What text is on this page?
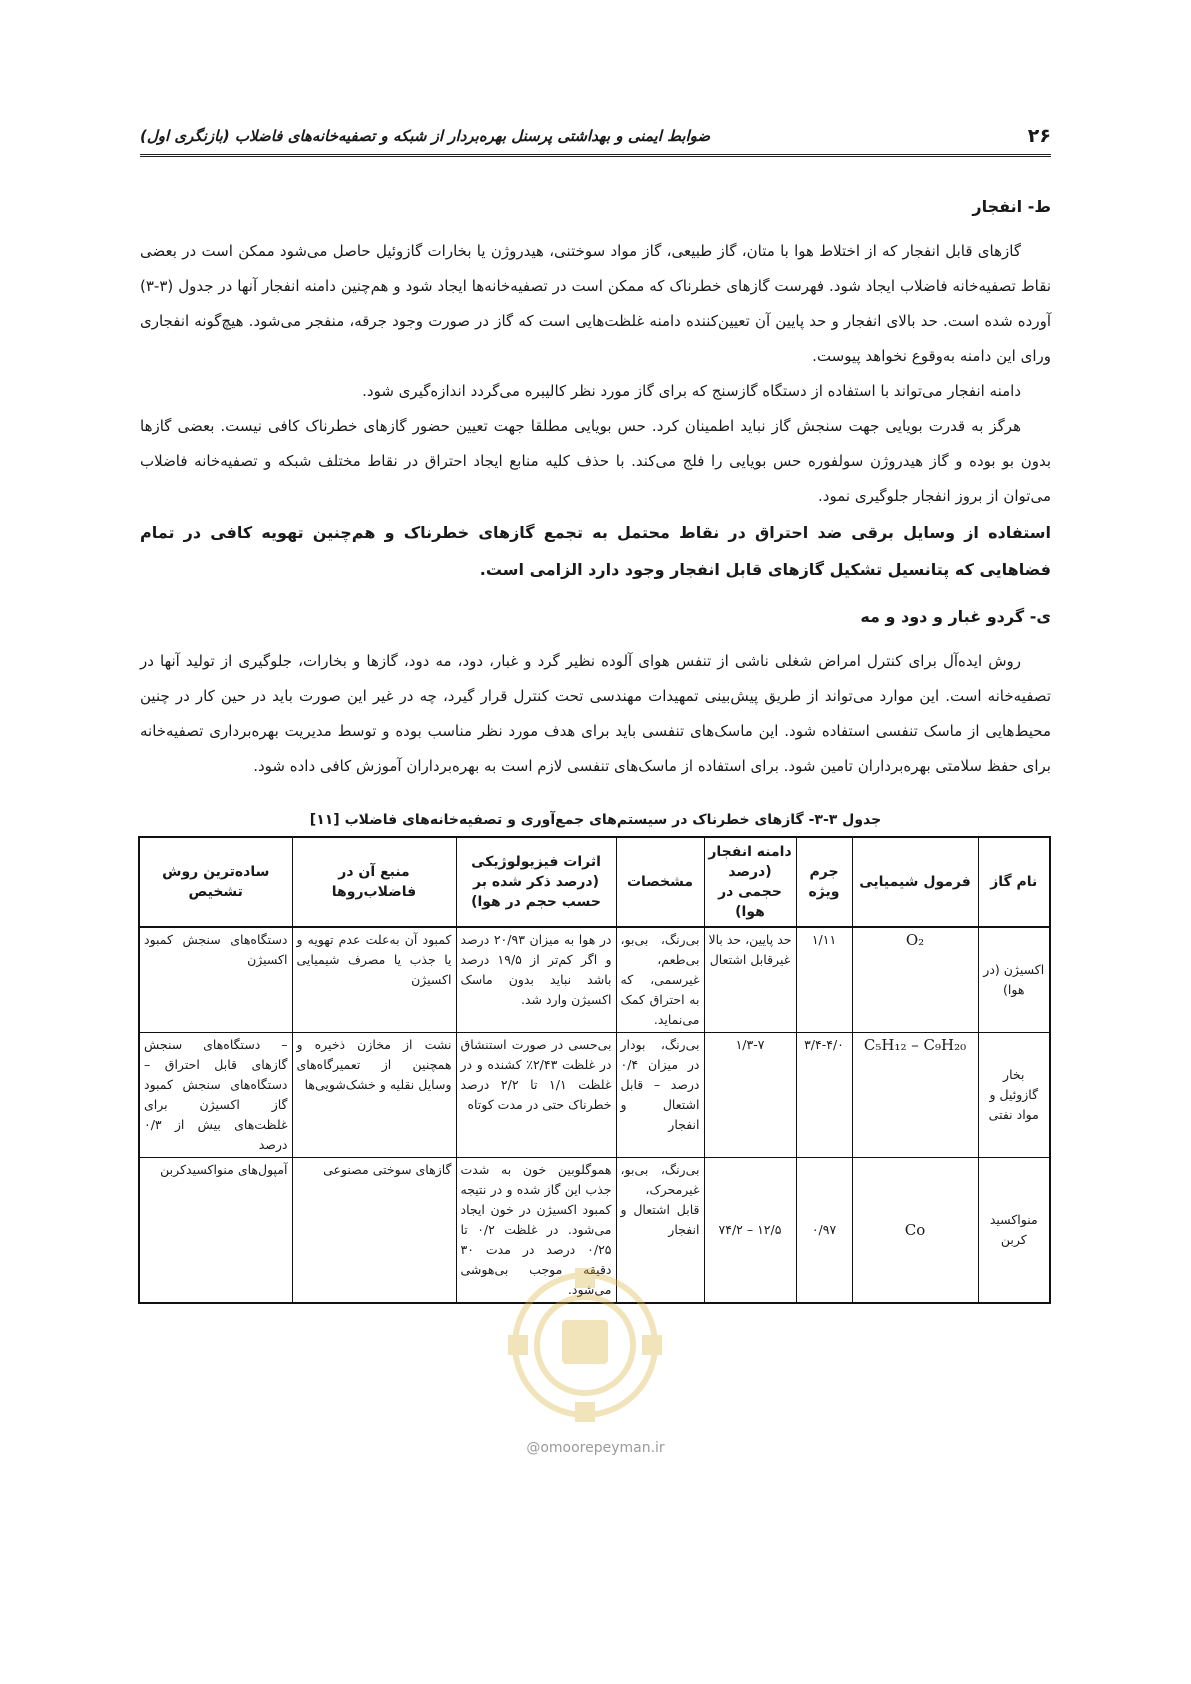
۲۶
ضوابط ایمنی و بهداشتی پرسنل بهره‌بردار از شبکه و تصفیه‌خانه‌های فاضلاب (بازنگری اول)
ط- انفجار

گازهای قابل انفجار که از اختلاط هوا با متان، گاز طبیعی، گاز مواد سوختنی، هیدروژن یا بخارات گازوئیل حاصل می‌شود ممکن است در بعضی نقاط تصفیه‌خانه فاضلاب ایجاد شود. فهرست گازهای خطرناک که ممکن است در تصفیه‌خانه‌ها ایجاد شود و هم‌چنین دامنه انفجار آنها در جدول (۳-۳) آورده شده است. حد بالای انفجار و حد پایین آن تعیین‌کننده دامنه غلظت‌هایی است که گاز در صورت وجود جرقه، منفجر می‌شود. هیچ‌گونه انفجاری ورای این دامنه به‌وقوع نخواهد پیوست.

دامنه انفجار می‌تواند با استفاده از دستگاه گازسنج که برای گاز مورد نظر کالیبره می‌گردد اندازه‌گیری شود.

هرگز به قدرت بویایی جهت سنجش گاز نباید اطمینان کرد. حس بویایی مطلقا جهت تعیین حضور گازهای خطرناک کافی نیست. بعضی گازها بدون بو بوده و گاز هیدروژن سولفوره حس بویایی را فلج می‌کند. با حذف کلیه منابع ایجاد احتراق در نقاط مختلف شبکه و تصفیه‌خانه فاضلاب می‌توان از بروز انفجار جلوگیری نمود.

استفاده از وسایل برقی ضد احتراق در نقاط محتمل به تجمع گازهای خطرناک و هم‌چنین تهویه کافی در تمام فضاهایی که پتانسیل تشکیل گازهای قابل انفجار وجود دارد الزامی است.

ی- گردو غبار و دود و مه

روش ایده‌آل برای کنترل امراض شغلی ناشی از تنفس هوای آلوده نظیر گرد و غبار، دود، مه دود، گازها و بخارات، جلوگیری از تولید آنها در تصفیه‌خانه است. این موارد می‌تواند از طریق پیش‌بینی تمهیدات مهندسی تحت کنترل قرار گیرد، چه در غیر این صورت باید در حین کار در چنین محیط‌هایی از ماسک تنفسی استفاده شود. این ماسک‌های تنفسی باید برای هدف مورد نظر مناسب بوده و توسط مدیریت بهره‌برداری تصفیه‌خانه برای حفظ سلامتی بهره‌برداران تامین شود. برای استفاده از ماسک‌های تنفسی لازم است به بهره‌برداران آموزش کافی داده شود.

جدول ۳-۳- گازهای خطرناک در سیستم‌های جمع‌آوری و تصفیه‌خانه‌های فاضلاب [۱۱]
نام گاز	فرمول شیمیایی	جرم ویژه	دامنه انفجار (درصد حجمی در هوا)	مشخصات	اثرات فیزیولوژیکی (درصد ذکر شده بر حسب حجم در هوا)	منبع آن در فاضلاب‌روها	ساده‌ترین روش تشخیص
اکسیژن (در هوا)	O₂	۱/۱۱	حد پایین، حد بالا غیرقابل اشتعال	بی‌رنگ، بی‌بو، بی‌طعم، غیرسمی، که به احتراق کمک می‌نماید.	در هوا به میزان ۲۰/۹۳ درصد و اگر کم‌تر از ۱۹/۵ درصد باشد نباید بدون ماسک اکسیژن وارد شد.	کمبود آن به‌علت عدم تهویه و یا جذب یا مصرف شیمیایی اکسیژن	دستگاه‌های سنجش کمبود اکسیژن
بخار گازوئیل و مواد نفتی	C₅H₁₂ – C₉H₂₀	۳/۴-۴/۰	۱/۳-۷	بی‌رنگ، بودار در میزان ۰/۴ درصد – قابل اشتعال و انفجار	بی‌حسی در صورت استنشاق در غلظت ۲/۴۳٪ کشنده و در غلظت ۱/۱ تا ۲/۲ درصد خطرناک حتی در مدت کوتاه	نشت از مخازن ذخیره و همچنین از تعمیرگاه‌های وسایل نقلیه و خشک‌شویی‌ها	– دستگاه‌های سنجش گازهای قابل احتراق – دستگاه‌های سنجش کمبود گاز اکسیژن برای غلظت‌های بیش از ۰/۳ درصد
منواکسید کربن	Co	۰/۹۷	۱۲/۵ – ۷۴/۲	بی‌رنگ، بی‌بو، غیرمحرک، قابل اشتعال و انفجار	هموگلوبین خون به شدت جذب این گاز شده و در نتیجه کمبود اکسیژن در خون ایجاد می‌شود. در غلظت ۰/۲ تا ۰/۲۵ درصد در مدت ۳۰ دقیقه موجب بی‌هوشی می‌شود.	گازهای سوختی مصنوعی	آمپول‌های منواکسیدکربن
@omoorepeyman.ir
